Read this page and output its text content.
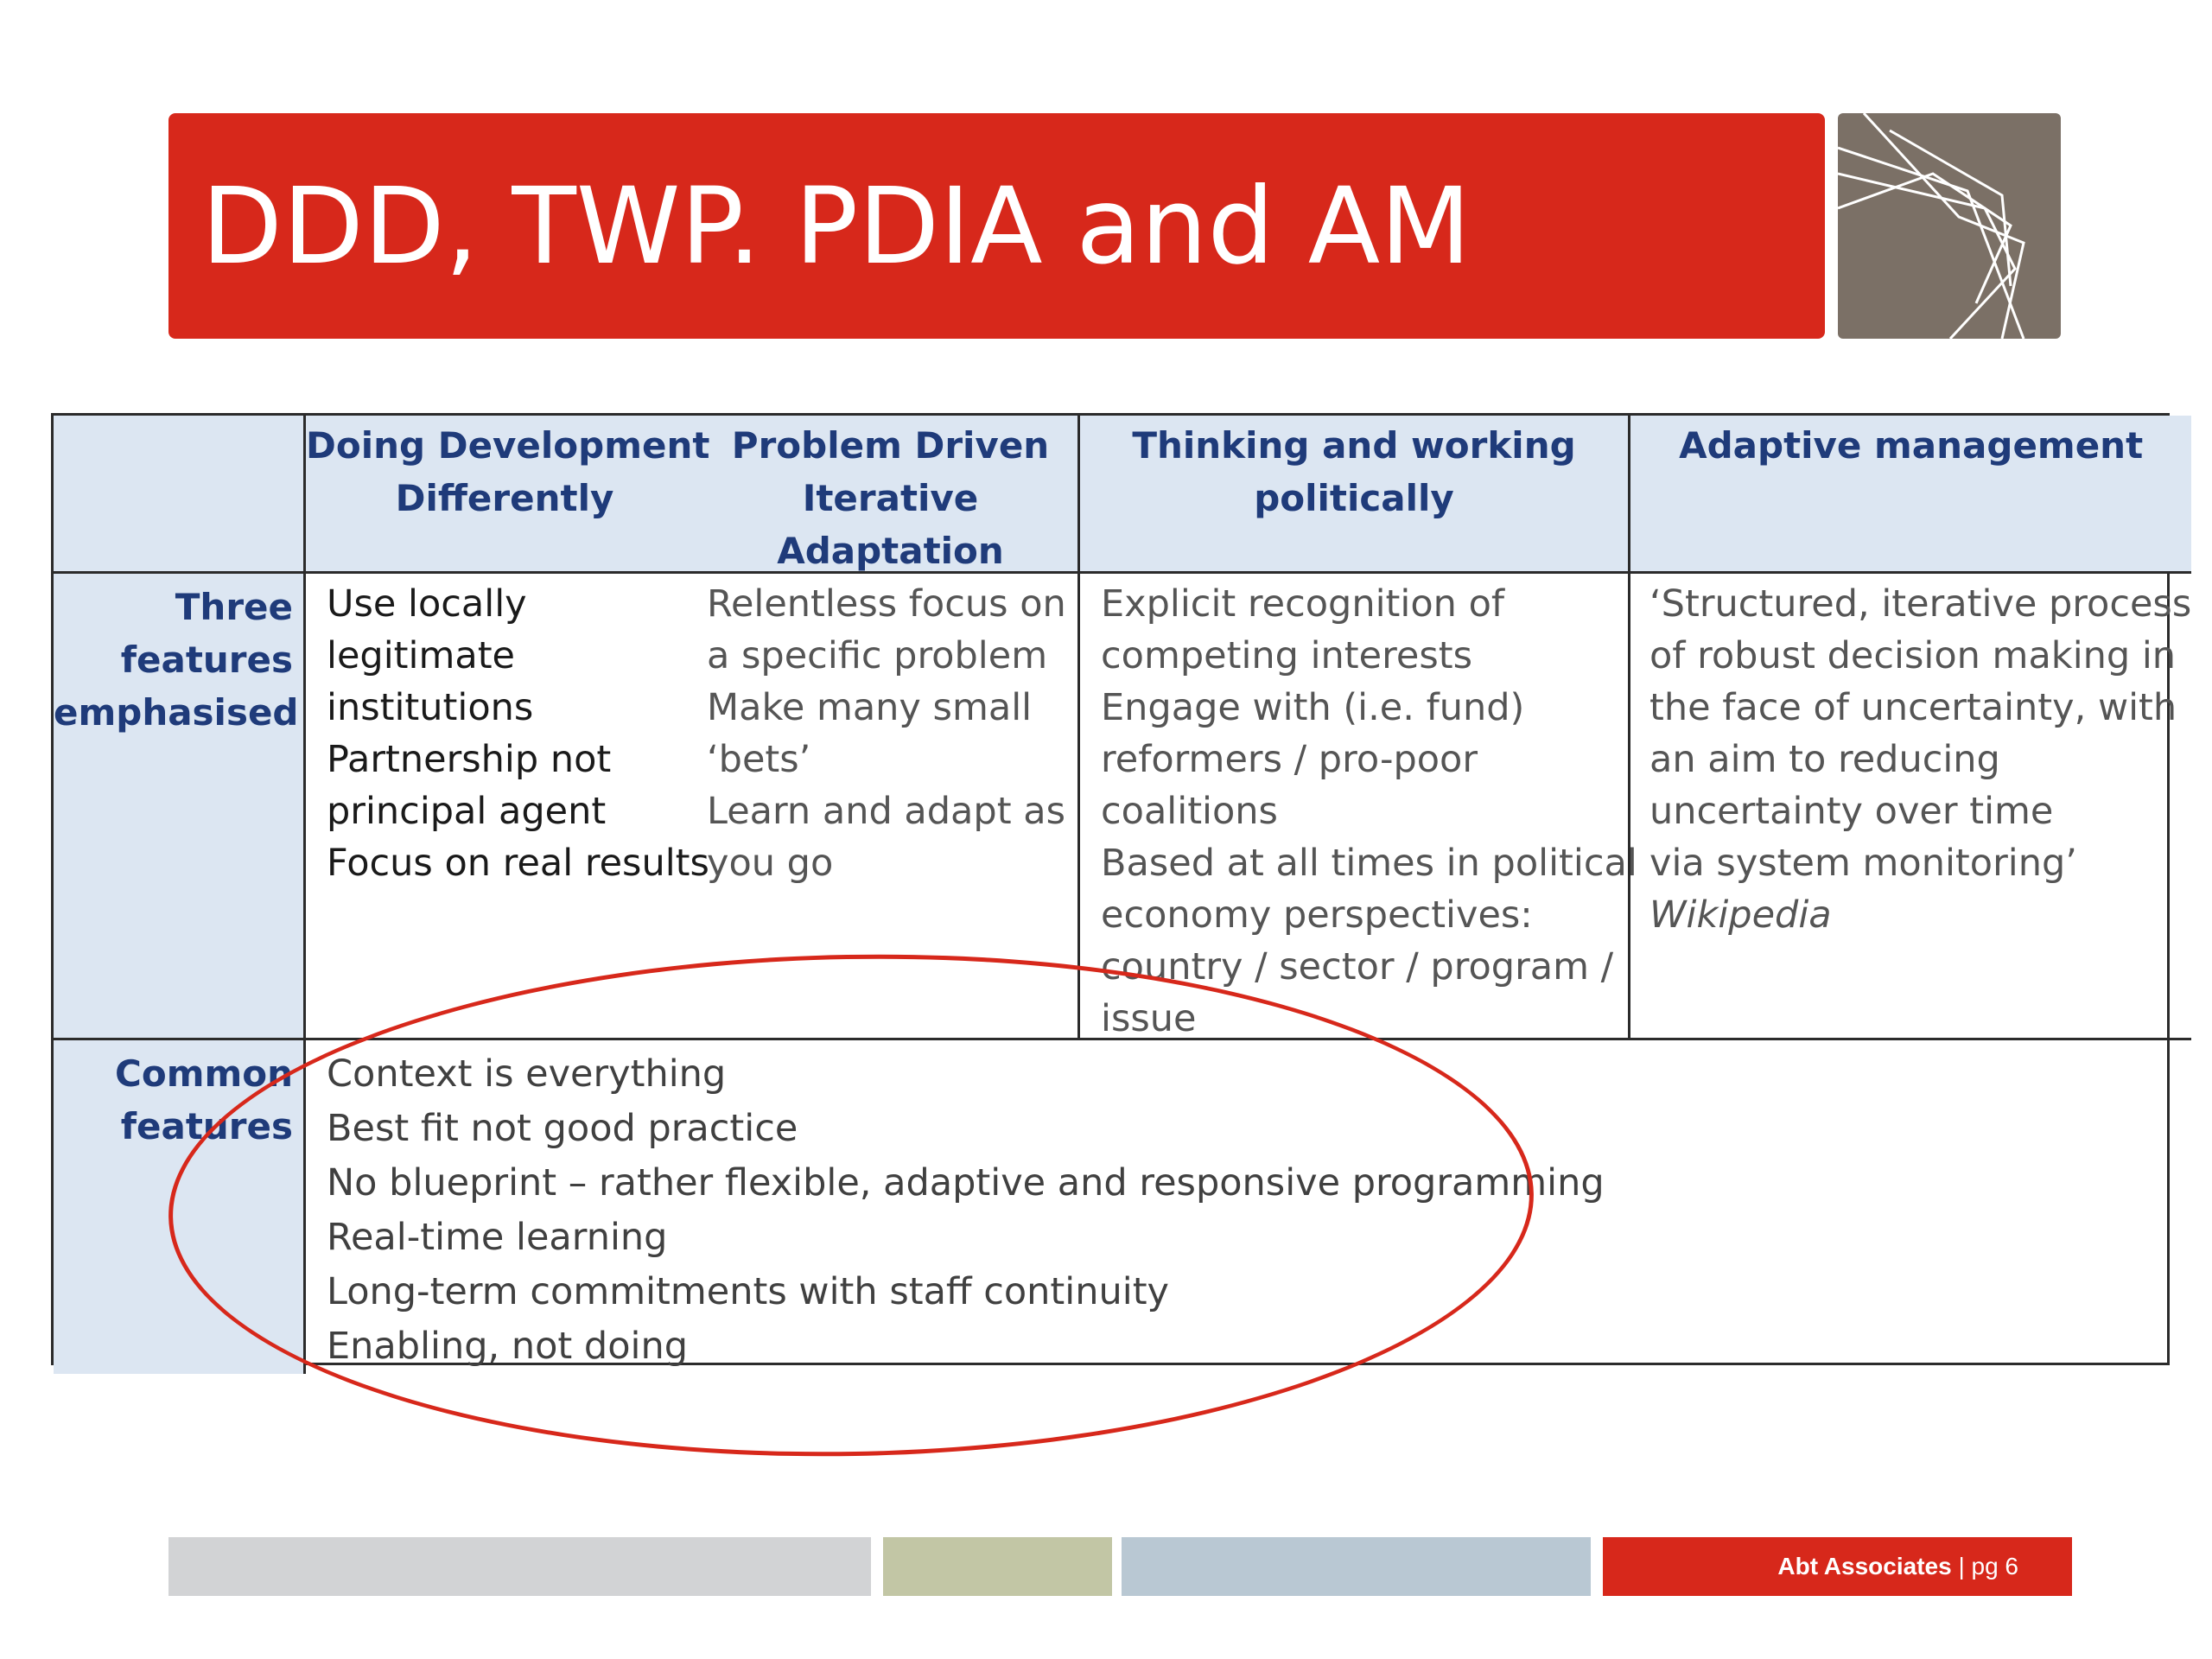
DDD, TWP. PDIA and AM
Doing Development
Differently
Problem Driven
Iterative
Adaptation
Thinking and working
politically
Adaptive management
Three
features
emphasised
Use locally
legitimate
institutions
Partnership not
principal agent
Focus on real results
Relentless focus on
a specific problem
Make many small
‘bets’
Learn and adapt as
you go
Explicit recognition of
competing interests
Engage with (i.e. fund)
reformers / pro-poor
coalitions
Based at all times in political
economy perspectives:
country / sector / program /
issue
‘Structured, iterative process
of robust decision making in
the face of uncertainty, with
an aim to reducing
uncertainty over time
via system monitoring’
Wikipedia
Common
features
Context is everything
Best fit not good practice
No blueprint – rather flexible, adaptive and responsive programming
Real-time learning
Long-term commitments with staff continuity
Enabling, not doing
Abt Associates | pg 6
